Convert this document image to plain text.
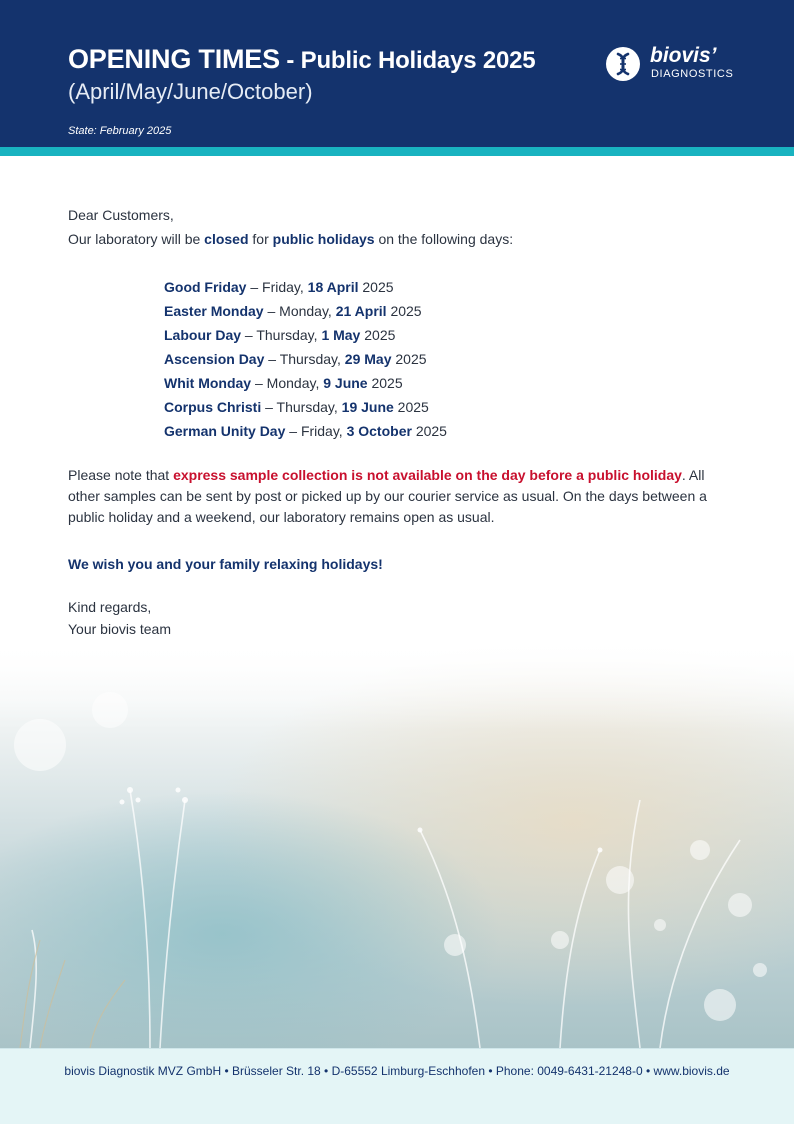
OPENING TIMES - Public Holidays 2025
(April/May/June/October)
State: February 2025
biovis’
DIAGNOSTICS

Dear Customers,

Our laboratory will be closed for public holidays on the following days:

Good Friday – Friday, 18 April 2025
Easter Monday – Monday, 21 April 2025
Labour Day – Thursday, 1 May 2025
Ascension Day – Thursday, 29 May 2025
Whit Monday – Monday, 9 June 2025
Corpus Christi – Thursday, 19 June 2025
German Unity Day – Friday, 3 October 2025

Please note that express sample collection is not available on the day before a public holiday. All other samples can be sent by post or picked up by our courier service as usual. On the days between a public holiday and a weekend, our laboratory remains open as usual.

We wish you and your family relaxing holidays!

Kind regards,
Your biovis team

biovis Diagnostik MVZ GmbH • Brüsseler Str. 18 • D-65552 Limburg-Eschhofen • Phone: 0049-6431-21248-0 • www.biovis.de
